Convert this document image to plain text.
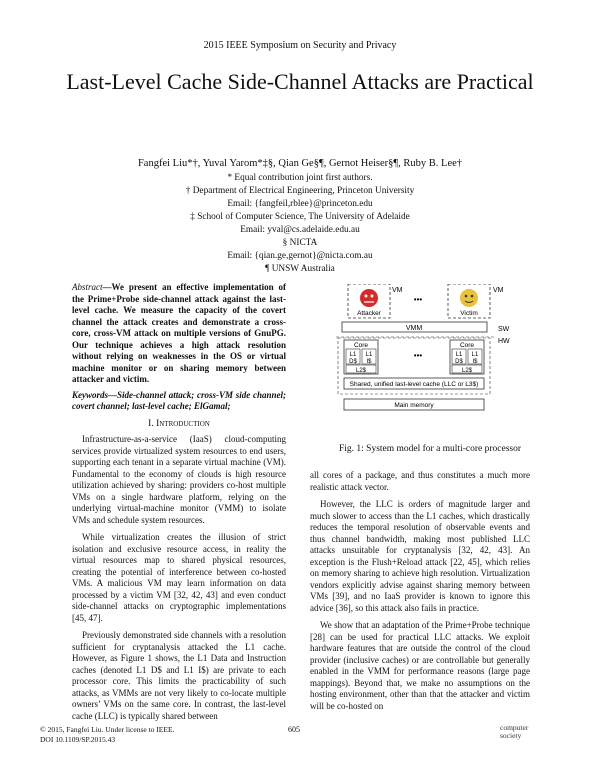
2015 IEEE Symposium on Security and Privacy
Last-Level Cache Side-Channel Attacks are Practical
Fangfei Liu*†, Yuval Yarom*‡§, Qian Ge§¶, Gernot Heiser§¶, Ruby B. Lee†
* Equal contribution joint first authors.
† Department of Electrical Engineering, Princeton University
Email: {fangfeil,rblee}@princeton.edu
‡ School of Computer Science, The University of Adelaide
Email: yval@cs.adelaide.edu.au
§ NICTA
Email: {qian.ge,gernot}@nicta.com.au
¶ UNSW Australia
Abstract—We present an effective implementation of the Prime+Probe side-channel attack against the last-level cache. We measure the capacity of the covert channel the attack creates and demonstrate a cross-core, cross-VM attack on multiple versions of GnuPG. Our technique achieves a high attack resolution without relying on weaknesses in the OS or virtual machine monitor or on sharing memory between attacker and victim.
Keywords—Side-channel attack; cross-VM side channel; covert channel; last-level cache; ElGamal;
I. Introduction

Infrastructure-as-a-service (IaaS) cloud-computing services provide virtualized system resources to end users, supporting each tenant in a separate virtual machine (VM). Fundamental to the economy of clouds is high resource utilization achieved by sharing: providers co-host multiple VMs on a single hardware platform, relying on the underlying virtual-machine monitor (VMM) to isolate VMs and schedule system resources.

While virtualization creates the illusion of strict isolation and exclusive resource access, in reality the virtual resources map to shared physical resources, creating the potential of interference between co-hosted VMs. A malicious VM may learn information on data processed by a victim VM [32, 42, 43] and even conduct side-channel attacks on cryptographic implementations [45, 47].

Previously demonstrated side channels with a resolution sufficient for cryptanalysis attacked the L1 cache. However, as Figure 1 shows, the L1 Data and Instruction caches (denoted L1 D$ and L1 I$) are private to each processor core. This limits the practicability of such attacks, as VMMs are not very likely to co-locate multiple owners’ VMs on the same core. In contrast, the last-level cache (LLC) is typically shared between

VM
Attacker
•••
VM
Victim
VMM	SW
HW
Core
L1
D$
L1
I$
L2$
•••
Core
L1
D$
L1
I$
L2$
Shared, unified last-level cache (LLC or L3$)
Main memory
Fig. 1: System model for a multi-core processor

all cores of a package, and thus constitutes a much more realistic attack vector.

However, the LLC is orders of magnitude larger and much slower to access than the L1 caches, which drastically reduces the temporal resolution of observable events and thus channel bandwidth, making most published LLC attacks unsuitable for cryptanalysis [32, 42, 43]. An exception is the Flush+Reload attack [22, 45], which relies on memory sharing to achieve high resolution. Virtualization vendors explicitly advise against sharing memory between VMs [39], and no IaaS provider is known to ignore this advice [36], so this attack also fails in practice.

We show that an adaptation of the Prime+Probe technique [28] can be used for practical LLC attacks. We exploit hardware features that are outside the control of the cloud provider (inclusive caches) or are controllable but generally enabled in the VMM for performance reasons (large page mappings). Beyond that, we make no assumptions on the hosting environment, other than that the attacker and victim will be co-hosted on

© 2015, Fangfei Liu. Under license to IEEE.
DOI 10.1109/SP.2015.43
605	computer
society
